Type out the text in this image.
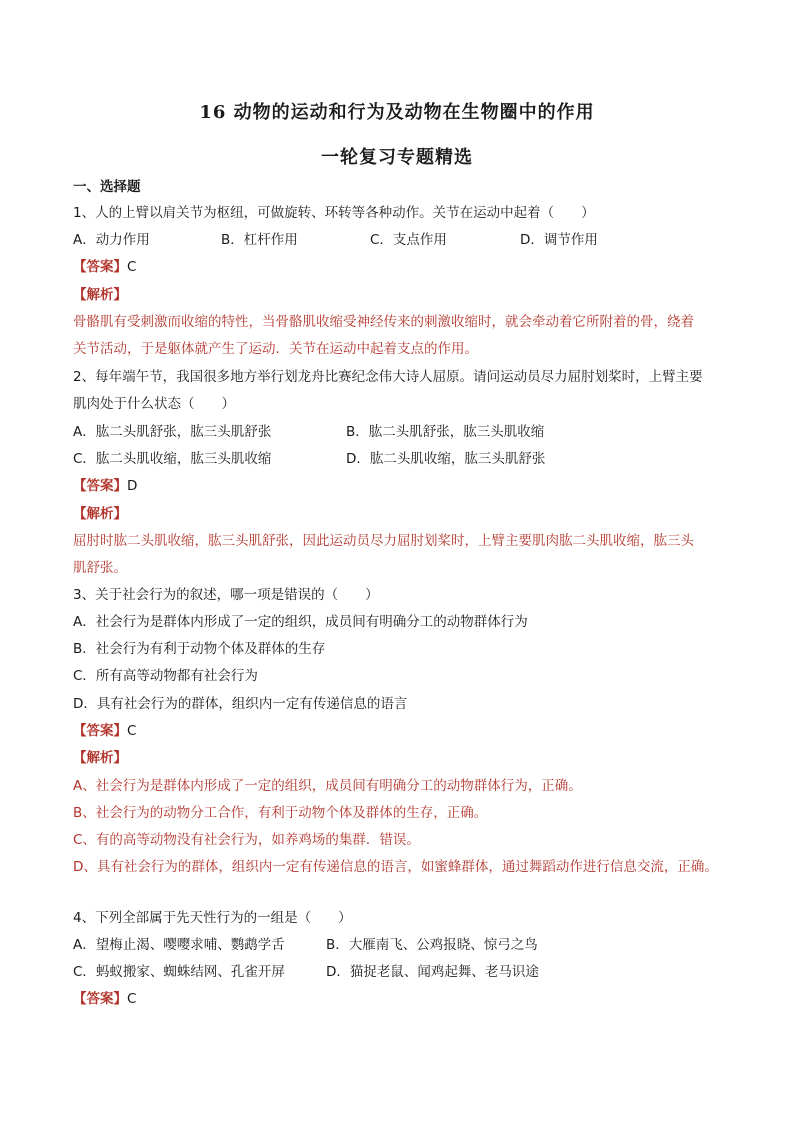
16 动物的运动和行为及动物在生物圈中的作用
一轮复习专题精选
一、选择题
1、人的上臂以肩关节为枢纽，可做旋转、环转等各种动作。关节在运动中起着（　　）
A．动力作用	B．杠杆作用	C．支点作用	D．调节作用
【答案】C
【解析】
骨骼肌有受刺激而收缩的特性，当骨骼肌收缩受神经传来的刺激收缩时，就会牵动着它所附着的骨，绕着
关节活动，于是躯体就产生了运动．关节在运动中起着支点的作用。
2、每年端午节，我国很多地方举行划龙舟比赛纪念伟大诗人屈原。请问运动员尽力屈肘划桨时，上臂主要
肌肉处于什么状态（　　）
A．肱二头肌舒张，肱三头肌舒张	B．肱二头肌舒张，肱三头肌收缩
C．肱二头肌收缩，肱三头肌收缩	D．肱二头肌收缩，肱三头肌舒张
【答案】D
【解析】
屈肘时肱二头肌收缩，肱三头肌舒张，因此运动员尽力屈肘划桨时，上臂主要肌肉肱二头肌收缩，肱三头
肌舒张。
3、关于社会行为的叙述，哪一项是错误的（　　）
A．社会行为是群体内形成了一定的组织，成员间有明确分工的动物群体行为
B．社会行为有利于动物个体及群体的生存
C．所有高等动物都有社会行为
D．具有社会行为的群体，组织内一定有传递信息的语言
【答案】C
【解析】
A、社会行为是群体内形成了一定的组织，成员间有明确分工的动物群体行为，正确。
B、社会行为的动物分工合作，有利于动物个体及群体的生存，正确。
C、有的高等动物没有社会行为，如养鸡场的集群．错误。
D、具有社会行为的群体，组织内一定有传递信息的语言，如蜜蜂群体，通过舞蹈动作进行信息交流，正确。
4、下列全部属于先天性行为的一组是（　　）
A．望梅止渴、嘤嘤求哺、鹦鹉学舌	B．大雁南飞、公鸡报晓、惊弓之鸟
C．蚂蚁搬家、蜘蛛结网、孔雀开屏	D．猫捉老鼠、闻鸡起舞、老马识途
【答案】C
